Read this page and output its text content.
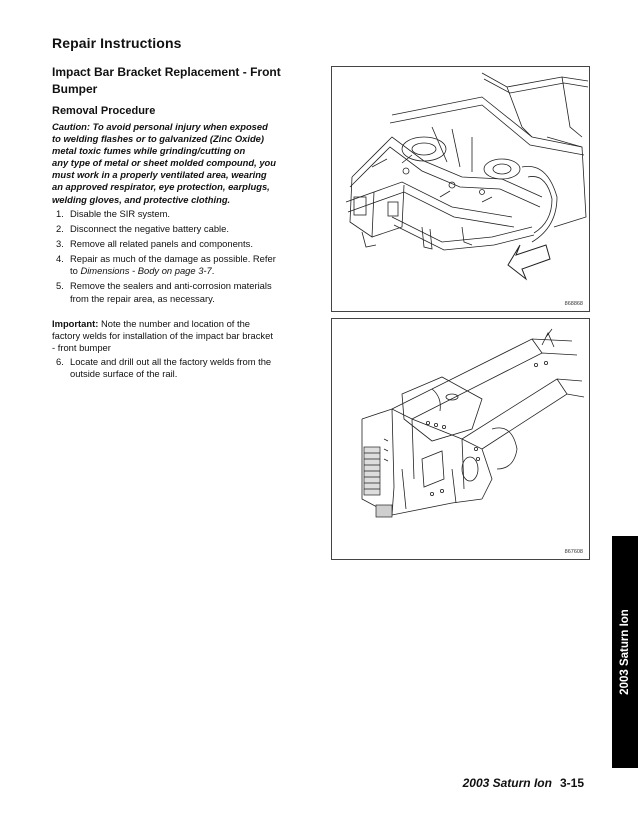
Repair Instructions
Impact Bar Bracket Replacement - Front Bumper
Removal Procedure

Caution: To avoid personal injury when exposed
to welding flashes or to galvanized (Zinc Oxide)
metal toxic fumes while grinding/cutting on
any type of metal or sheet molded compound, you
must work in a properly ventilated area, wearing
an approved respirator, eye protection, earplugs,
welding gloves, and protective clothing.

1. Disable the SIR system.
2. Disconnect the negative battery cable.
3. Remove all related panels and components.
4. Repair as much of the damage as possible. Refer
to Dimensions - Body on page 3-7.
5. Remove the sealers and anti-corrosion materials
from the repair area, as necessary.

Important: Note the number and location of the
factory welds for installation of the impact bar bracket
- front bumper

6. Locate and drill out all the factory welds from the
outside surface of the rail.
868868
867608
2003 Saturn Ion
2003 Saturn Ion 3-15
